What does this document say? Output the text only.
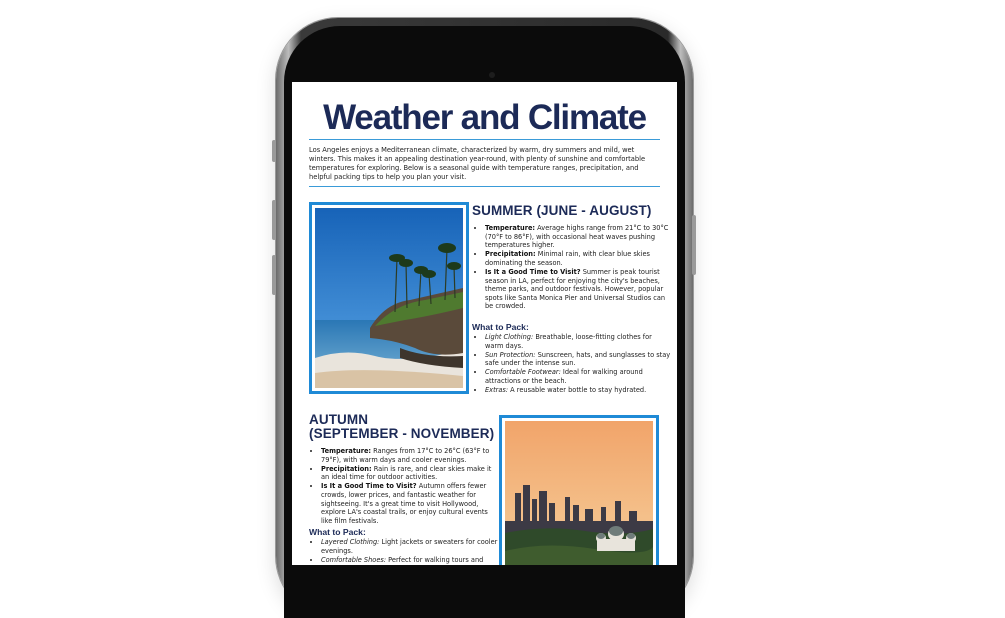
Weather and Climate

Los Angeles enjoys a Mediterranean climate, characterized by warm, dry summers and mild, wet winters. This makes it an appealing destination year-round, with plenty of sunshine and comfortable temperatures for exploring. Below is a seasonal guide with temperature ranges, precipitation, and helpful packing tips to help you plan your visit.

SUMMER (JUNE - AUGUST)
• Temperature: Average highs range from 21°C to 30°C (70°F to 86°F), with occasional heat waves pushing temperatures higher.
• Precipitation: Minimal rain, with clear blue skies dominating the season.
• Is It a Good Time to Visit? Summer is peak tourist season in LA, perfect for enjoying the city's beaches, theme parks, and outdoor festivals. However, popular spots like Santa Monica Pier and Universal Studios can be crowded.
What to Pack:
• Light Clothing: Breathable, loose-fitting clothes for warm days.
• Sun Protection: Sunscreen, hats, and sunglasses to stay safe under the intense sun.
• Comfortable Footwear: Ideal for walking around attractions or the beach.
• Extras: A reusable water bottle to stay hydrated.
AUTUMN
(SEPTEMBER - NOVEMBER)
• Temperature: Ranges from 17°C to 26°C (63°F to 79°F), with warm days and cooler evenings.
• Precipitation: Rain is rare, and clear skies make it an ideal time for outdoor activities.
• Is It a Good Time to Visit? Autumn offers fewer crowds, lower prices, and fantastic weather for sightseeing. It's a great time to visit Hollywood, explore LA's coastal trails, or enjoy cultural events like film festivals.
What to Pack:
• Layered Clothing: Light jackets or sweaters for cooler evenings.
• Comfortable Shoes: Perfect for walking tours and
